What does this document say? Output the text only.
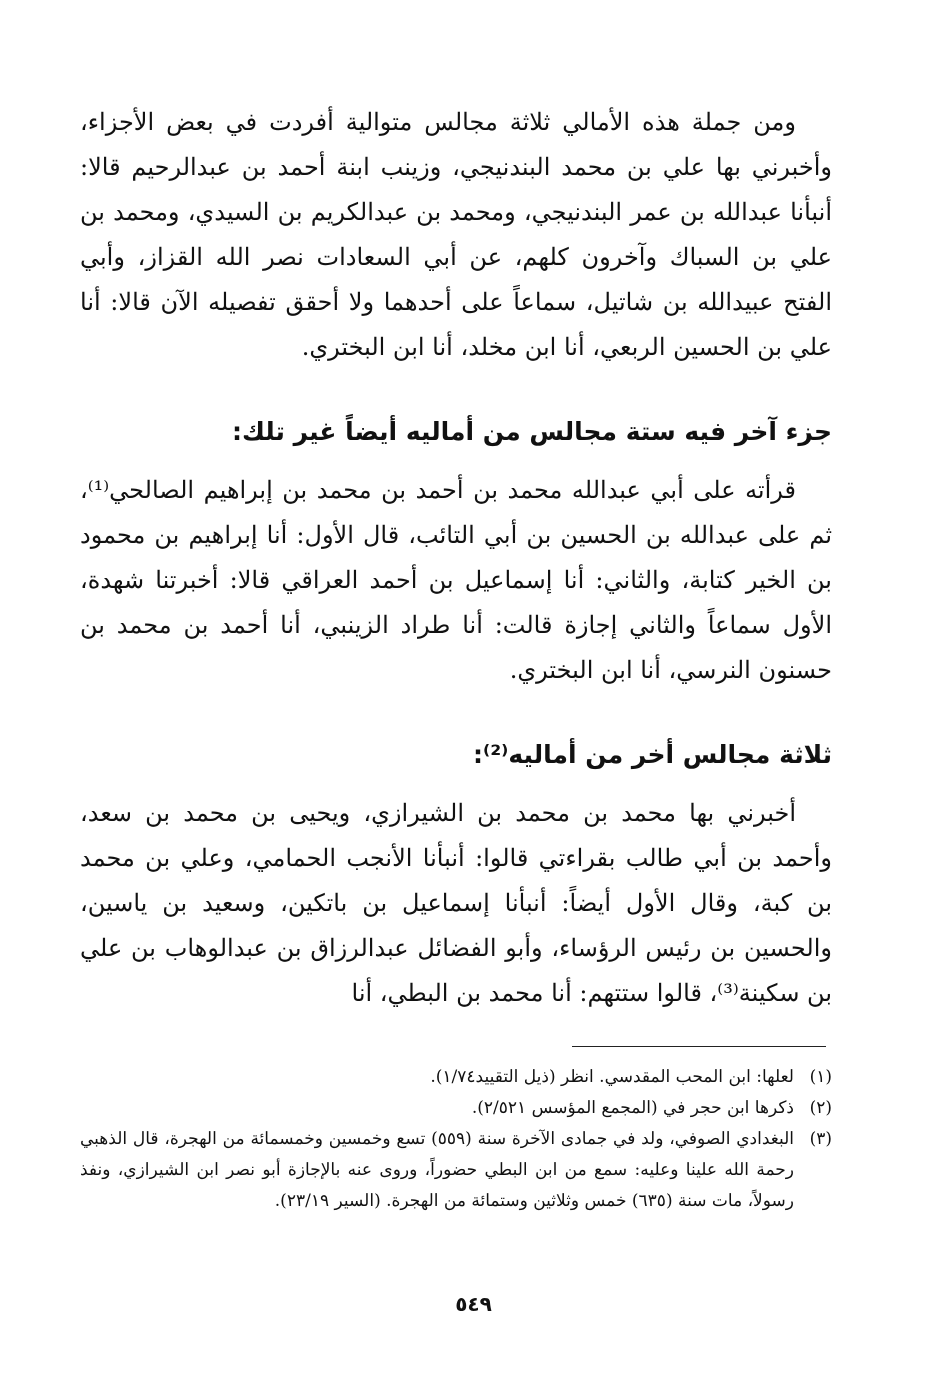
ومن جملة هذه الأمالي ثلاثة مجالس متوالية أفردت في بعض الأجزاء، وأخبرني بها علي بن محمد البندنيجي، وزينب ابنة أحمد بن عبدالرحيم قالا: أنبأنا عبدالله بن عمر البندنيجي، ومحمد بن عبدالكريم بن السيدي، ومحمد بن علي بن السباك وآخرون كلهم، عن أبي السعادات نصر الله القزاز، وأبي الفتح عبيدالله بن شاتيل، سماعاً على أحدهما ولا أحقق تفصيله الآن قالا: أنا علي بن الحسين الربعي، أنا ابن مخلد، أنا ابن البختري.

جزء آخر فيه ستة مجالس من أماليه أيضاً غير تلك:

قرأته على أبي عبدالله محمد بن أحمد بن محمد بن إبراهيم الصالحي⁽¹⁾، ثم على عبدالله بن الحسين بن أبي التائب، قال الأول: أنا إبراهيم بن محمود بن الخير كتابة، والثاني: أنا إسماعيل بن أحمد العراقي قالا: أخبرتنا شهدة، الأول سماعاً والثاني إجازة قالت: أنا طراد الزينبي، أنا أحمد بن محمد بن حسنون النرسي، أنا ابن البختري.

ثلاثة مجالس أخر من أماليه⁽²⁾:

أخبرني بها محمد بن محمد بن الشيرازي، ويحيى بن محمد بن سعد، وأحمد بن أبي طالب بقراءتي قالوا: أنبأنا الأنجب الحمامي، وعلي بن محمد بن كبة، وقال الأول أيضاً: أنبأنا إسماعيل بن باتكين، وسعيد بن ياسين، والحسين بن رئيس الرؤساء، وأبو الفضائل عبدالرزاق بن عبدالوهاب بن علي بن سكينة⁽³⁾، قالوا ستتهم: أنا محمد بن البطي، أنا

(١)
لعلها: ابن المحب المقدسي. انظر (ذيل التقييد١/٧٤).
(٢)
ذكرها ابن حجر في (المجمع المؤسس ٢/٥٢١).
(٣)
البغدادي الصوفي، ولد في جمادى الآخرة سنة (٥٥٩) تسع وخمسين وخمسمائة من الهجرة، قال الذهبي رحمة الله علينا وعليه: سمع من ابن البطي حضوراً، وروى عنه بالإجازة أبو نصر ابن الشيرازي، ونفذ رسولاً، مات سنة (٦٣٥) خمس وثلاثين وستمائة من الهجرة. (السير ٢٣/١٩).
٥٤٩
